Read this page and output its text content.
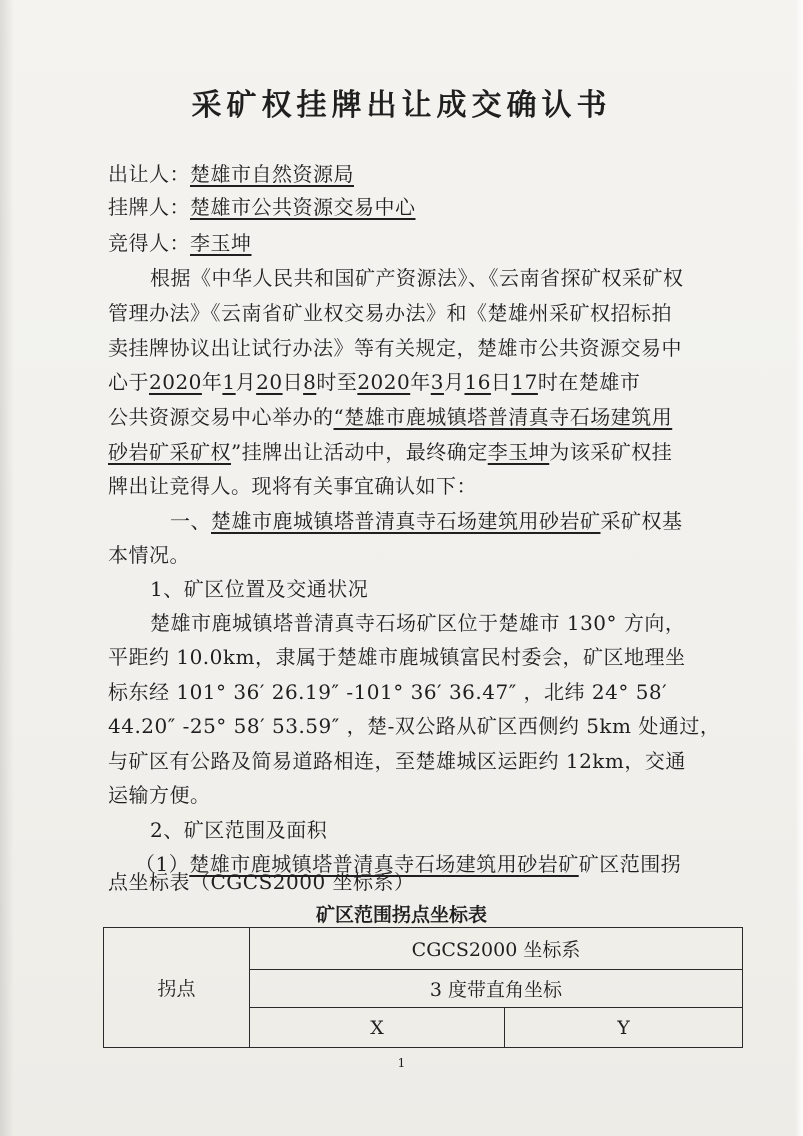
采矿权挂牌出让成交确认书
出让人：楚雄市自然资源局
挂牌人：楚雄市公共资源交易中心
竞得人：李玉坤
根据《中华人民共和国矿产资源法》、《云南省探矿权采矿权
管理办法》《云南省矿业权交易办法》和《楚雄州采矿权招标拍
卖挂牌协议出让试行办法》等有关规定，楚雄市公共资源交易中
心于2020年1月20日8时至2020年3月16日17时在楚雄市
公共资源交易中心举办的“楚雄市鹿城镇塔普清真寺石场建筑用
砂岩矿采矿权”挂牌出让活动中，最终确定李玉坤为该采矿权挂
牌出让竞得人。现将有关事宜确认如下：
一、楚雄市鹿城镇塔普清真寺石场建筑用砂岩矿采矿权基
本情况。
1、矿区位置及交通状况
楚雄市鹿城镇塔普清真寺石场矿区位于楚雄市 130° 方向，
平距约 10.0km，隶属于楚雄市鹿城镇富民村委会，矿区地理坐
标东经 101° 36′ 26.19″ -101° 36′ 36.47″ ，北纬 24° 58′
44.20″ -25° 58′ 53.59″ ，楚-双公路从矿区西侧约 5km 处通过，
与矿区有公路及简易道路相连，至楚雄城区运距约 12km，交通
运输方便。
2、矿区范围及面积
（1）楚雄市鹿城镇塔普清真寺石场建筑用砂岩矿矿区范围拐
点坐标表（CGCS2000 坐标系）
矿区范围拐点坐标表
拐点	CGCS2000 坐标系	
	3 度带直角坐标	
	X	Y
1
